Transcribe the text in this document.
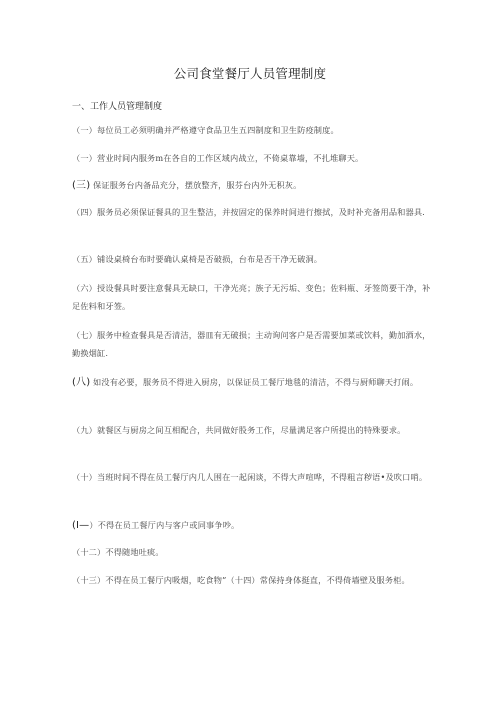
公司食堂餐厅人员管理制度
一、工作人员管理制度
（一）每位员工必须明确并严格遵守食品卫生五四制度和卫生防疫制度。
（一）营业时间内服务m在各自的工作区域内战立，不倚桌靠墙，不扎堆聊天。
(三) 保证服务台内备品充分，摆放整齐，服芬台内外无积灰。
（四）服务员必须保证餐具的卫生整洁，并按固定的保养时间进行擦拭，及时补充备用品和器具.
（五）铺设桌椅台布时要确认桌椅是否破损，台布是否干净无破洞。
（六）授设餐具时要注意餐具无缺口，干净光亮；族子无污垢、变色；佐料瓶、牙签筒要干净，补足佐料和牙签。
（七）服务中检查餐具是否清洁，器皿有无破损；主动询问客户是否需要加菜或饮料，勤加酒水，勤换烟缸.
(八) 如没有必要，服务员不得进入厨房，以保证员工餐厅地毯的清洁，不得与厨师聊天打闹。
（九）就餐区与厨房之间互相配合，共同做好股务工作，尽量满足客户所提出的特殊要求。
（十）当班时间不得在员工餐厅内几人围在一起闲谈，不得大声喧哗，不得粗言秽语•及吹口哨。
(I—）不得在员工餐厅内与客户或同事争吵。
（十二）不得随地吐痰。
（十三）不得在员工餐厅内吸烟，吃食物”（十四）常保持身体挺直，不得倚墙壁及服务柜。
